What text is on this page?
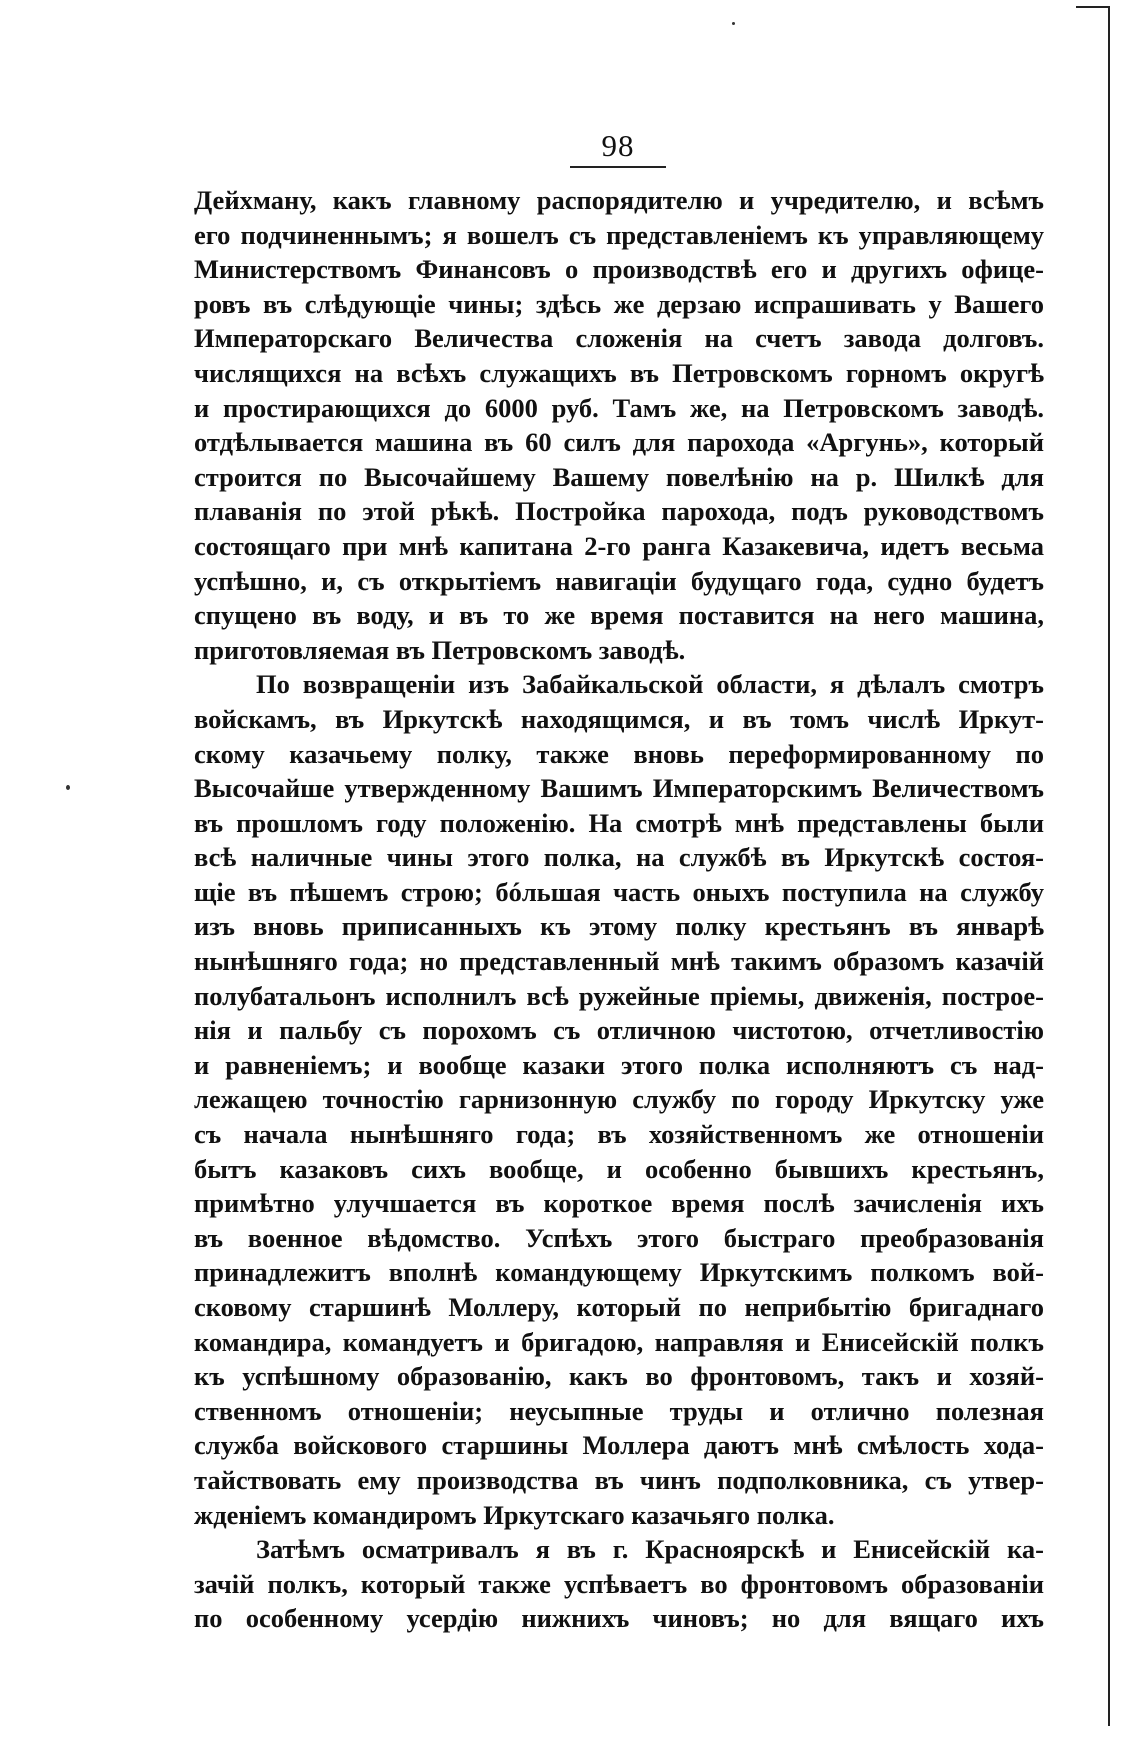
98
Дейхману, какъ главному распорядителю и учредителю, и всѣмъ
его подчиненнымъ; я вошелъ съ представленіемъ къ управляющему
Министерствомъ Финансовъ о производствѣ его и другихъ офице-
ровъ въ слѣдующіе чины; здѣсь же дерзаю испрашивать у Вашего
Императорскаго Величества сложенія на счетъ завода долговъ.
числящихся на всѣхъ служащихъ въ Петровскомъ горномъ округѣ
и простирающихся до 6000 руб. Тамъ же, на Петровскомъ заводѣ.
отдѣлывается машина въ 60 силъ для парохода «Аргунь», который
строится по Высочайшему Вашему повелѣнію на р. Шилкѣ для
плаванія по этой рѣкѣ. Постройка парохода, подъ руководствомъ
состоящаго при мнѣ капитана 2-го ранга Казакевича, идетъ весьма
успѣшно, и, съ открытіемъ навигаціи будущаго года, судно будетъ
спущено въ воду, и въ то же время поставится на него машина,
приготовляемая въ Петровскомъ заводѣ.
По возвращеніи изъ Забайкальской области, я дѣлалъ смотръ
войскамъ, въ Иркутскѣ находящимся, и въ томъ числѣ Иркут-
скому казачьему полку, также вновь переформированному по
Высочайше утвержденному Вашимъ Императорскимъ Величествомъ
въ прошломъ году положенію. На смотрѣ мнѣ представлены были
всѣ наличные чины этого полка, на службѣ въ Иркутскѣ состоя-
щіе въ пѣшемъ строю; бóльшая часть оныхъ поступила на службу
изъ вновь приписанныхъ къ этому полку крестьянъ въ январѣ
нынѣшняго года; но представленный мнѣ такимъ образомъ казачій
полубатальонъ исполнилъ всѣ ружейные пріемы, движенія, построе-
нія и пальбу съ порохомъ съ отличною чистотою, отчетливостію
и равненіемъ; и вообще казаки этого полка исполняютъ съ над-
лежащею точностію гарнизонную службу по городу Иркутску уже
съ начала нынѣшняго года; въ хозяйственномъ же отношеніи
бытъ казаковъ сихъ вообще, и особенно бывшихъ крестьянъ,
примѣтно улучшается въ короткое время послѣ зачисленія ихъ
въ военное вѣдомство. Успѣхъ этого быстраго преобразованія
принадлежитъ вполнѣ командующему Иркутскимъ полкомъ вой-
сковому старшинѣ Моллеру, который по неприбытію бригаднаго
командира, командуетъ и бригадою, направляя и Енисейскій полкъ
къ успѣшному образованію, какъ во фронтовомъ, такъ и хозяй-
ственномъ отношеніи; неусыпные труды и отлично полезная
служба войскового старшины Моллера даютъ мнѣ смѣлость хода-
тайствовать ему производства въ чинъ подполковника, съ утвер-
жденіемъ командиромъ Иркутскаго казачьяго полка.
Затѣмъ осматривалъ я въ г. Красноярскѣ и Енисейскій ка-
зачій полкъ, который также успѣваетъ во фронтовомъ образованіи
по особенному усердію нижнихъ чиновъ; но для вящаго ихъ
